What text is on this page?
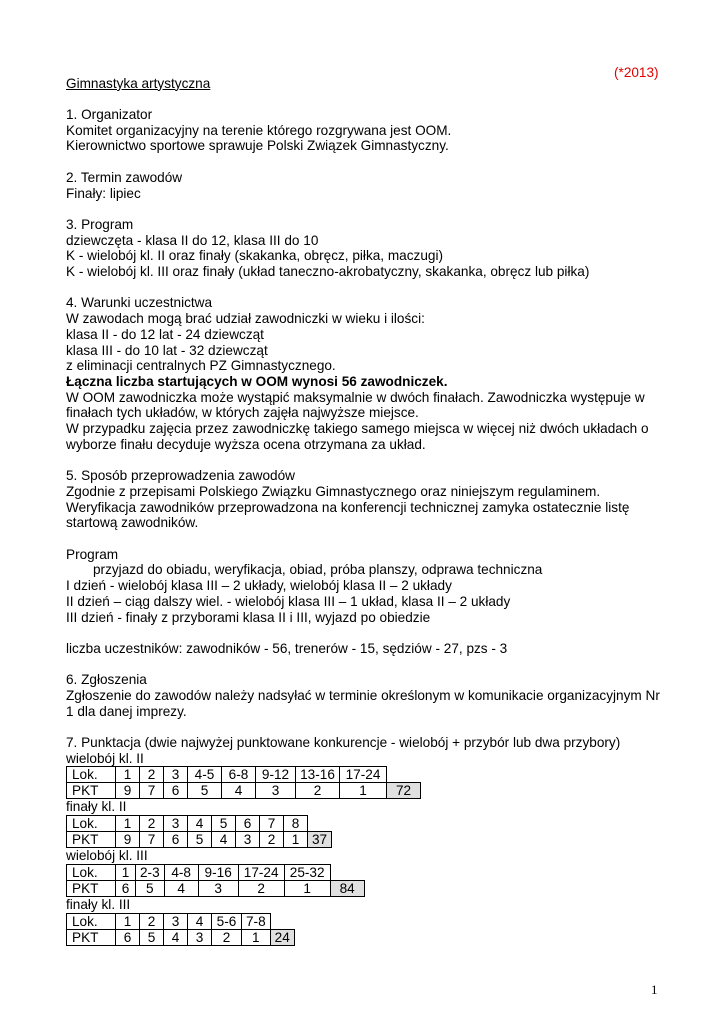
(*2013)
Gimnastyka artystyczna
1. Organizator
Komitet organizacyjny na terenie którego rozgrywana jest OOM.
Kierownictwo sportowe sprawuje Polski Związek Gimnastyczny.
2. Termin zawodów
Finały: lipiec
3. Program
dziewczęta - klasa II do 12, klasa III do 10
K - wielobój kl. II oraz finały (skakanka, obręcz, piłka, maczugi)
K - wielobój kl. III oraz finały (układ taneczno-akrobatyczny, skakanka, obręcz lub piłka)
4. Warunki uczestnictwa
W zawodach mogą brać udział zawodniczki w wieku i ilości:
klasa II - do 12 lat - 24 dziewcząt
klasa III - do 10 lat - 32 dziewcząt
z eliminacji centralnych PZ Gimnastycznego.
Łączna liczba startujących w OOM wynosi 56 zawodniczek.
W OOM zawodniczka może wystąpić maksymalnie w dwóch finałach. Zawodniczka występuje w finałach tych układów, w których zajęła najwyższe miejsce.
W przypadku zajęcia przez zawodniczkę takiego samego miejsca w więcej niż dwóch układach o wyborze finału decyduje wyższa ocena otrzymana za układ.
5. Sposób przeprowadzenia zawodów
Zgodnie z przepisami Polskiego Związku Gimnastycznego oraz niniejszym regulaminem.
Weryfikacja zawodników przeprowadzona na konferencji technicznej zamyka ostatecznie listę startową zawodników.
Program
przyjazd do obiadu, weryfikacja, obiad, próba planszy, odprawa techniczna
I dzień - wielobój klasa III – 2 układy, wielobój klasa II – 2 układy
II dzień – ciąg dalszy wiel. - wielobój klasa III – 1 układ, klasa II – 2 układy
III dzień - finały z przyborami klasa II i III, wyjazd po obiedzie
liczba uczestników: zawodników - 56, trenerów - 15, sędziów - 27, pzs - 3
6. Zgłoszenia
Zgłoszenie do zawodów należy nadsyłać w terminie określonym w komunikacie organizacyjnym Nr 1 dla danej imprezy.
7. Punktacja (dwie najwyżej punktowane konkurencje - wielobój + przybór lub dwa przybory)
wielobój kl. II
Lok.	1	2	3	4-5	6-8	9-12	13-16	17-24	
PKT	9	7	6	5	4	3	2	1	72
finały kl. II
Lok.	1	2	3	4	5	6	7	8	
PKT	9	7	6	5	4	3	2	1	37
wielobój kl. III
Lok.	1	2-3	4-8	9-16	17-24	25-32	
PKT	6	5	4	3	2	1	84
finały kl. III
Lok.	1	2	3	4	5-6	7-8	
PKT	6	5	4	3	2	1	24
1
